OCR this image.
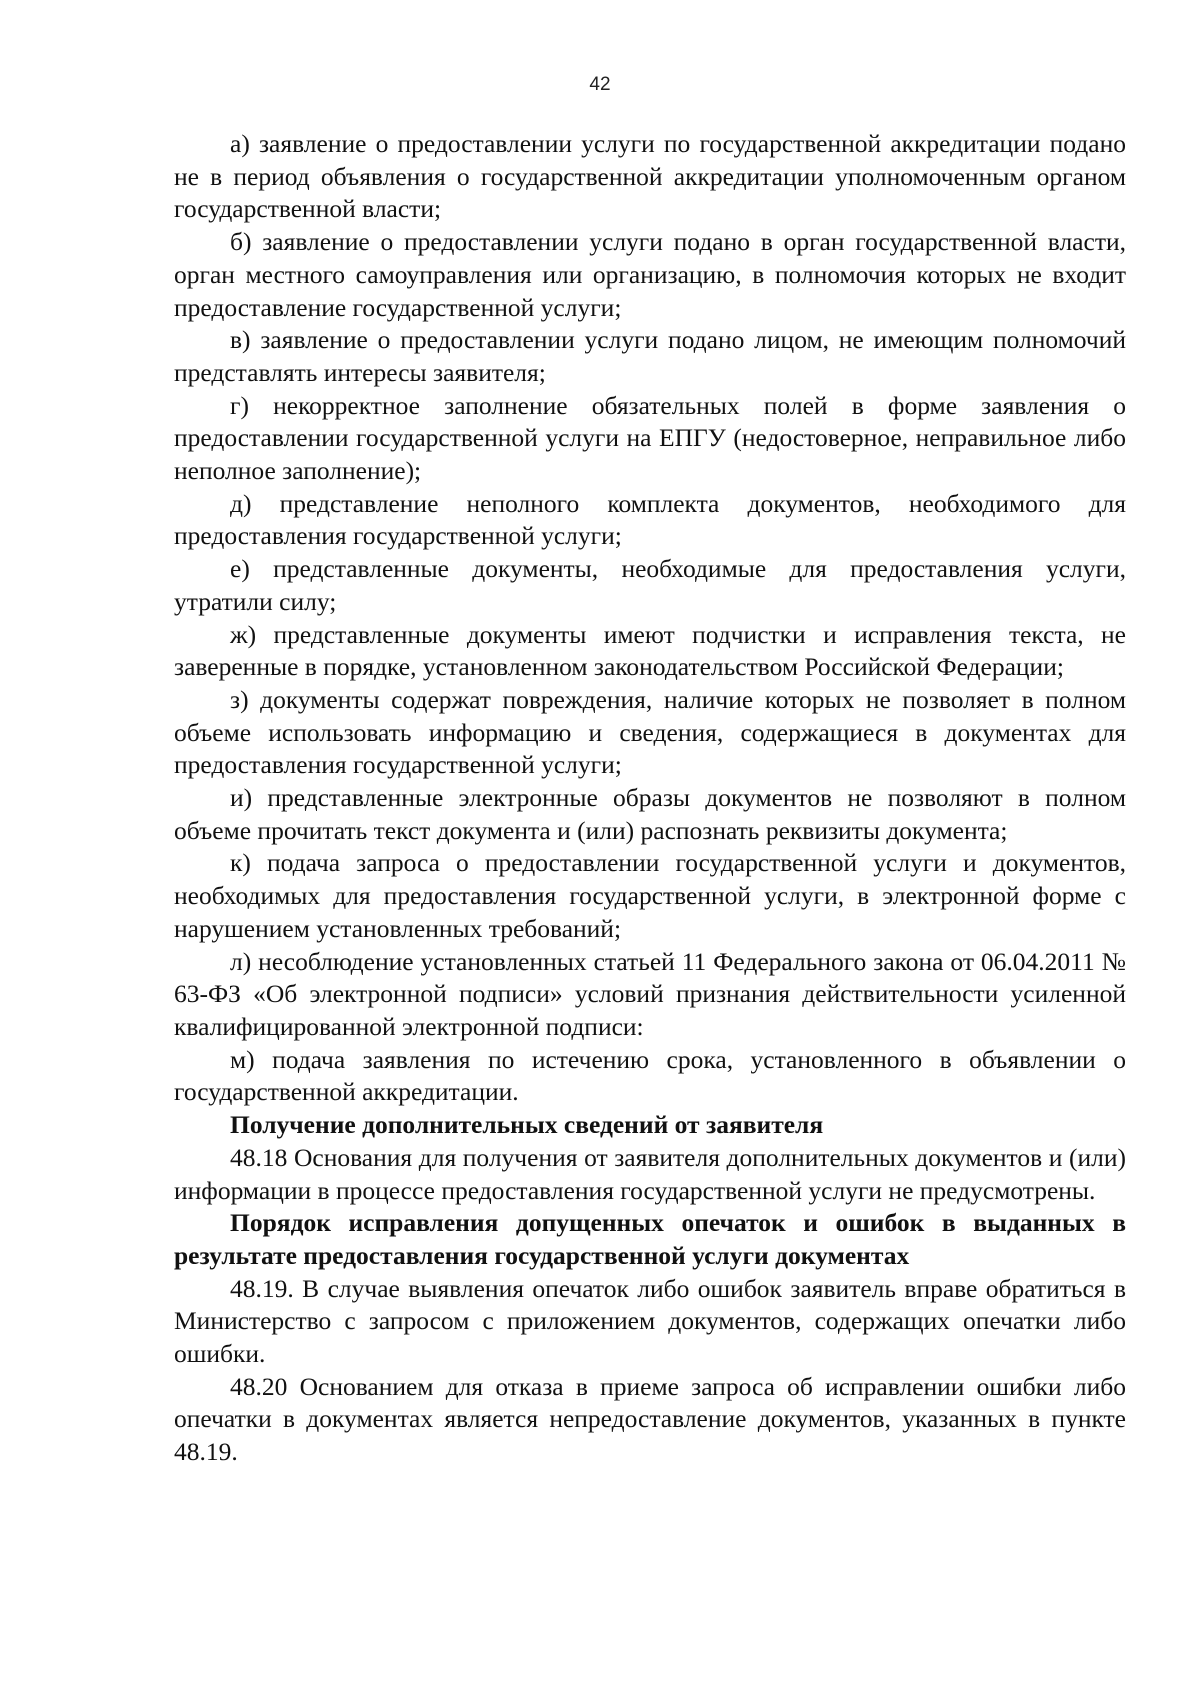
42

а) заявление о предоставлении услуги по государственной аккредитации подано не в период объявления о государственной аккредитации уполномоченным органом государственной власти;

б) заявление о предоставлении услуги подано в орган государственной власти, орган местного самоуправления или организацию, в полномочия которых не входит предоставление государственной услуги;

в) заявление о предоставлении услуги подано лицом, не имеющим полномочий представлять интересы заявителя;

г) некорректное заполнение обязательных полей в форме заявления о предоставлении государственной услуги на ЕПГУ (недостоверное, неправильное либо неполное заполнение);

д) представление неполного комплекта документов, необходимого для предоставления государственной услуги;

е) представленные документы, необходимые для предоставления услуги, утратили силу;

ж) представленные документы имеют подчистки и исправления текста, не заверенные в порядке, установленном законодательством Российской Федерации;

з) документы содержат повреждения, наличие которых не позволяет в полном объеме использовать информацию и сведения, содержащиеся в документах для предоставления государственной услуги;

и) представленные электронные образы документов не позволяют в полном объеме прочитать текст документа и (или) распознать реквизиты документа;

к) подача запроса о предоставлении государственной услуги и документов, необходимых для предоставления государственной услуги, в электронной форме с нарушением установленных требований;

л) несоблюдение установленных статьей 11 Федерального закона от 06.04.2011 № 63-ФЗ «Об электронной подписи» условий признания действительности усиленной квалифицированной электронной подписи:

м) подача заявления по истечению срока, установленного в объявлении о государственной аккредитации.

Получение дополнительных сведений от заявителя

48.18 Основания для получения от заявителя дополнительных документов и (или) информации в процессе предоставления государственной услуги не предусмотрены.

Порядок исправления допущенных опечаток и ошибок в выданных в результате предоставления государственной услуги документах

48.19. В случае выявления опечаток либо ошибок заявитель вправе обратиться в Министерство с запросом с приложением документов, содержащих опечатки либо ошибки.

48.20 Основанием для отказа в приеме запроса об исправлении ошибки либо опечатки в документах является непредоставление документов, указанных в пункте 48.19.
